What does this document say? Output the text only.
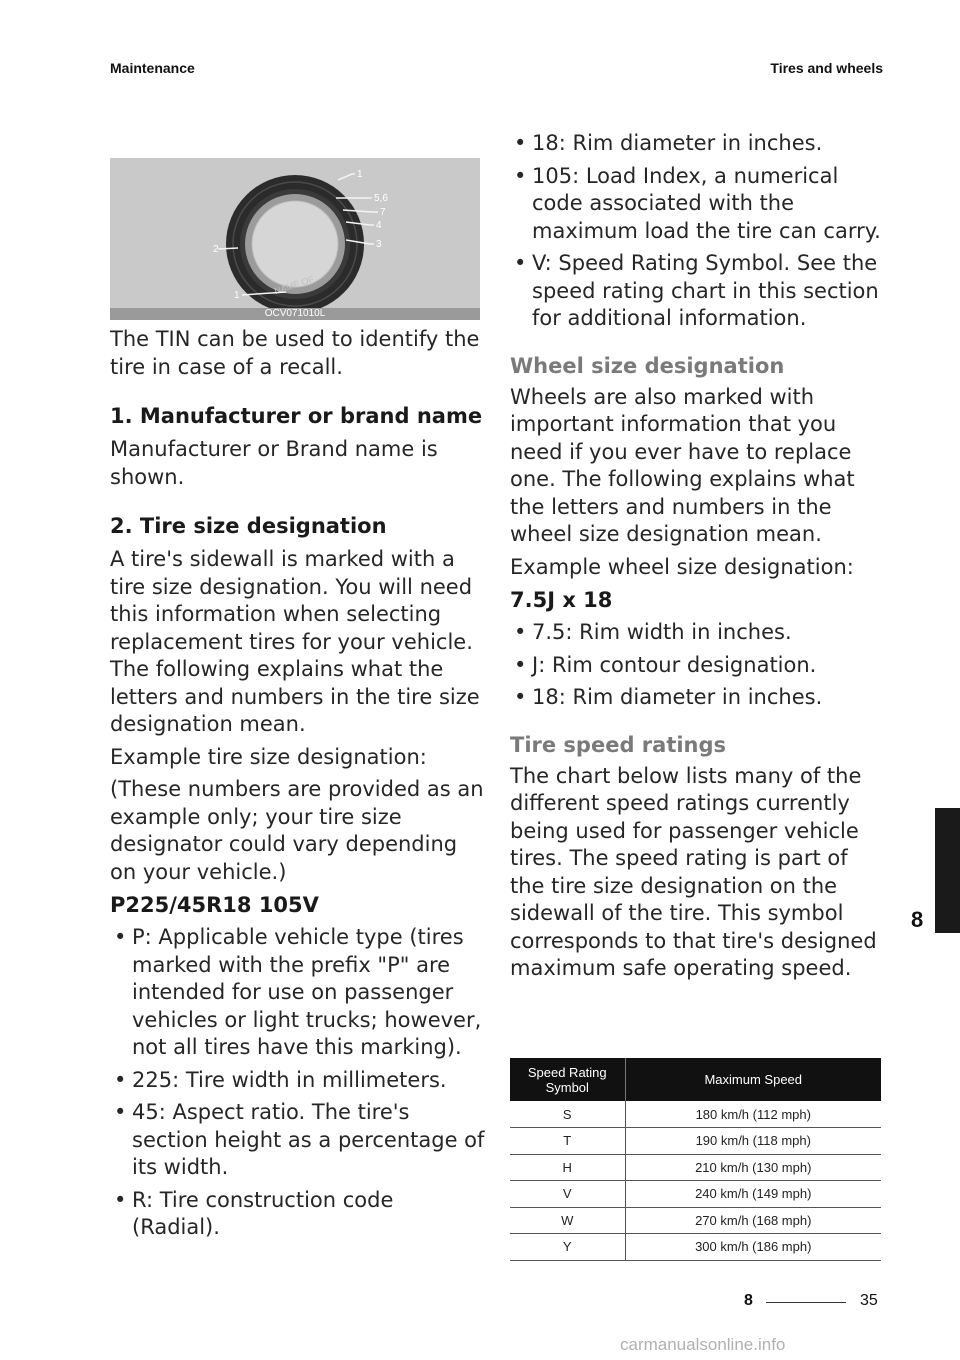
Maintenance	Tires and wheels
NAME OF
1
5,6
7
4
3
2
1
OCV071010L

The TIN can be used to identify the tire in case of a recall.

1. Manufacturer or brand name

Manufacturer or Brand name is shown.

2. Tire size designation

A tire's sidewall is marked with a tire size designation. You will need this information when selecting replacement tires for your vehicle. The following explains what the letters and numbers in the tire size designation mean.

Example tire size designation:

(These numbers are provided as an example only; your tire size designator could vary depending on your vehicle.)

P225/45R18 105V
• P: Applicable vehicle type (tires marked with the prefix "P" are intended for use on passenger vehicles or light trucks; however, not all tires have this marking).
• 225: Tire width in millimeters.
• 45: Aspect ratio. The tire's section height as a percentage of its width.
• R: Tire construction code (Radial).
• 18: Rim diameter in inches.
• 105: Load Index, a numerical code associated with the maximum load the tire can carry.
• V: Speed Rating Symbol. See the speed rating chart in this section for additional information.
Wheel size designation

Wheels are also marked with important information that you need if you ever have to replace one. The following explains what the letters and numbers in the wheel size designation mean.

Example wheel size designation:

7.5J x 18
• 7.5: Rim width in inches.
• J: Rim contour designation.
• 18: Rim diameter in inches.
Tire speed ratings

The chart below lists many of the different speed ratings currently being used for passenger vehicle tires. The speed rating is part of the tire size designation on the sidewall of the tire. This symbol corresponds to that tire's designed maximum safe operating speed.

Speed Rating Symbol	Maximum Speed
S	180 km/h (112 mph)
T	190 km/h (118 mph)
H	210 km/h (130 mph)
V	240 km/h (149 mph)
W	270 km/h (168 mph)
Y	300 km/h (186 mph)
8
8	35
carmanualsonline.info
